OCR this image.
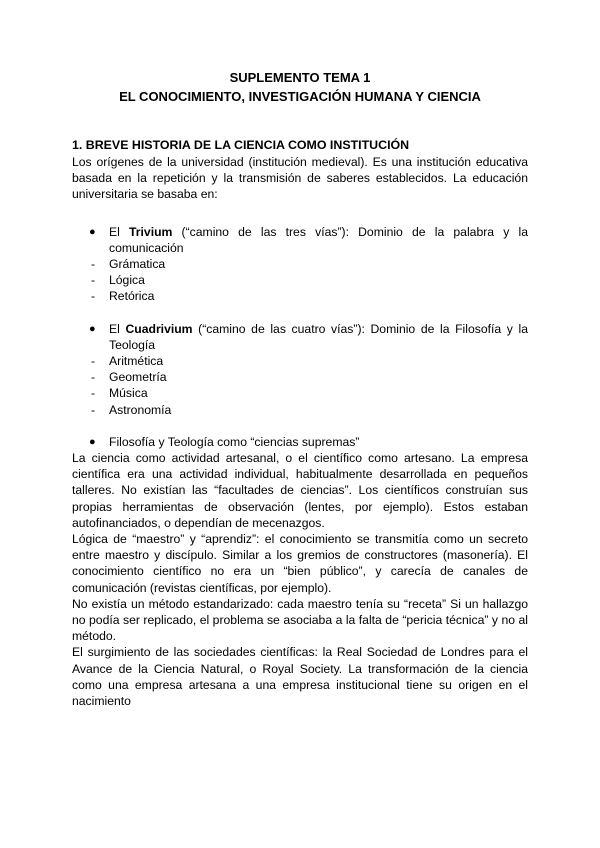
SUPLEMENTO TEMA 1

EL CONOCIMIENTO, INVESTIGACIÓN HUMANA Y CIENCIA

1. BREVE HISTORIA DE LA CIENCIA COMO INSTITUCIÓN

Los orígenes de la universidad (institución medieval). Es una institución educativa basada en la repetición y la transmisión de saberes establecidos. La educación universitaria se basaba en:

● El Trivium (“camino de las tres vías”): Dominio de la palabra y la comunicación
- Grámatica
- Lógica
- Retórica
● El Cuadrivium (“camino de las cuatro vías”): Dominio de la Filosofía y la Teología
- Aritmética
- Geometría
- Música
- Astronomía
● Filosofía y Teología como “ciencias supremas”

La ciencia como actividad artesanal, o el científico como artesano. La empresa científica era una actividad individual, habitualmente desarrollada en pequeños talleres. No existían las “facultades de ciencias”. Los científicos construían sus propias herramientas de observación (lentes, por ejemplo). Estos estaban autofinanciados, o dependían de mecenazgos.

Lógica de “maestro” y “aprendiz”: el conocimiento se transmitía como un secreto entre maestro y discípulo. Similar a los gremios de constructores (masonería). El conocimiento científico no era un “bien público”, y carecía de canales de comunicación (revistas científicas, por ejemplo).

No existía un método estandarizado: cada maestro tenía su “receta” Si un hallazgo no podía ser replicado, el problema se asociaba a la falta de “pericia técnica” y no al método.

El surgimiento de las sociedades científicas: la Real Sociedad de Londres para el Avance de la Ciencia Natural, o Royal Society. La transformación de la ciencia como una empresa artesana a una empresa institucional tiene su origen en el nacimiento
